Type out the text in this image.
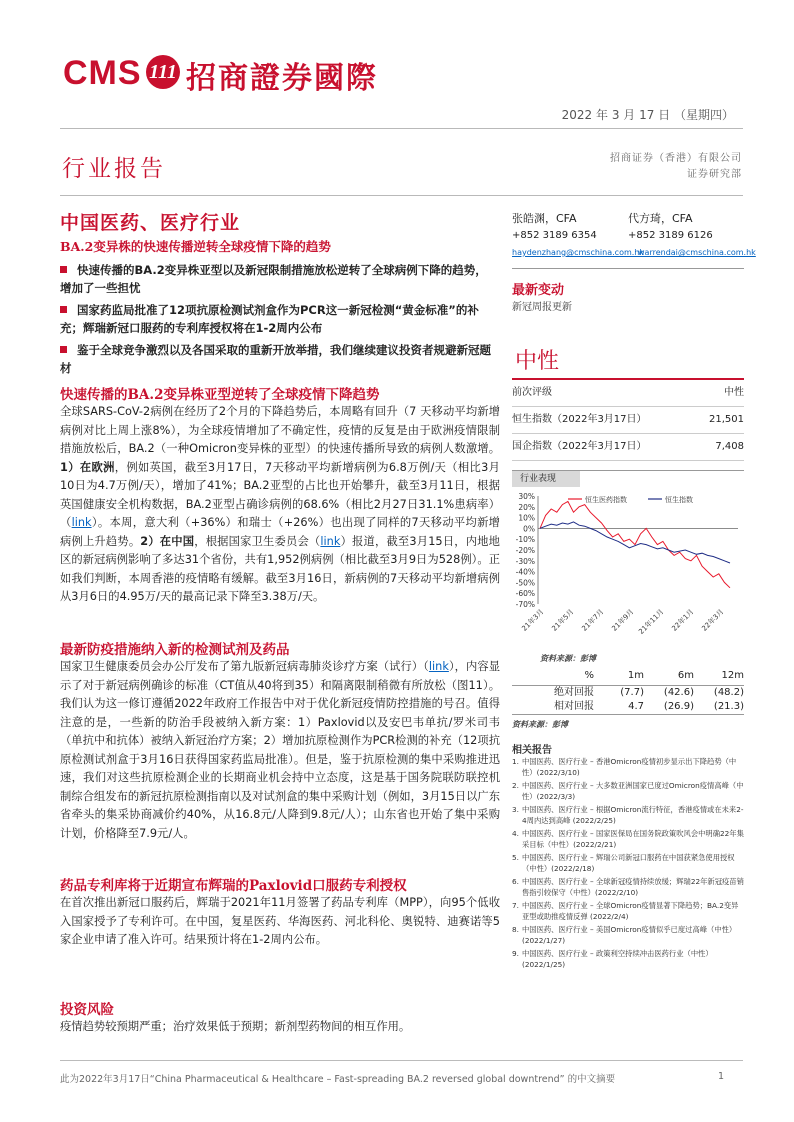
CMS 111 招商證券國際
2022 年 3 月 17 日 （星期四）
行业报告	招商证券（香港）有限公司
证券研究部
中国医药、医疗行业
BA.2变异株的快速传播逆转全球疫情下降的趋势
快速传播的BA.2变异株亚型以及新冠限制措施放松逆转了全球病例下降的趋势，增加了一些担忧
国家药监局批准了12项抗原检测试剂盒作为PCR这一新冠检测“黄金标准”的补充；辉瑞新冠口服药的专利库授权将在1-2周内公布
鉴于全球竞争激烈以及各国采取的重新开放举措，我们继续建议投资者规避新冠题材
快速传播的BA.2变异株亚型逆转了全球疫情下降趋势
全球SARS-CoV-2病例在经历了2个月的下降趋势后，本周略有回升（7 天移动平均新增病例对比上周上涨8%），为全球疫情增加了不确定性，疫情的反复是由于欧洲疫情限制措施放松后，BA.2（一种Omicron变异株的亚型）的快速传播所导致的病例人数激增。1）在欧洲，例如英国，截至3月17日，7天移动平均新增病例为6.8万例/天（相比3月10日为4.7万例/天），增加了41%；BA.2亚型的占比也开始攀升，截至3月11日，根据英国健康安全机构数据，BA.2亚型占确诊病例的68.6%（相比2月27日31.1%患病率）（link）。本周，意大利（+36%）和瑞士（+26%）也出现了同样的7天移动平均新增病例上升趋势。2）在中国，根据国家卫生委员会（link）报道，截至3月15日，内地地区的新冠病例影响了多达31个省份，共有1,952例病例（相比截至3月9日为528例）。正如我们判断，本周香港的疫情略有缓解。截至3月16日，新病例的7天移动平均新增病例从3月6日的4.95万/天的最高记录下降至3.38万/天。
最新防疫措施纳入新的检测试剂及药品
国家卫生健康委员会办公厅发布了第九版新冠病毒肺炎诊疗方案（试行）（link），内容显示了对于新冠病例确诊的标准（CT值从40将到35）和隔离限制稍微有所放松（图11）。我们认为这一修订遵循2022年政府工作报告中对于优化新冠疫情防控措施的号召。值得注意的是，一些新的防治手段被纳入新方案：1）Paxlovid以及安巴韦单抗/罗米司韦（单抗中和抗体）被纳入新冠治疗方案；2）增加抗原检测作为PCR检测的补充（12项抗原检测试剂盒于3月16日获得国家药监局批准）。但是，鉴于抗原检测的集中采购推进迅速，我们对这些抗原检测企业的长期商业机会持中立态度，这是基于国务院联防联控机制综合组发布的新冠抗原检测指南以及对试剂盒的集中采购计划（例如，3月15日以广东省牵头的集采协商减价约40%，从16.8元/人降到9.8元/人）；山东省也开始了集中采购计划，价格降至7.9元/人。
药品专利库将于近期宣布辉瑞的Paxlovid口服药专利授权
在首次推出新冠口服药后，辉瑞于2021年11月签署了药品专利库（MPP），向95个低收入国家授予了专利许可。在中国，复星医药、华海医药、河北科伦、奥锐特、迪赛诺等5家企业申请了准入许可。结果预计将在1-2周内公布。
投资风险
疫情趋势较预期严重；治疗效果低于预期；新剂型药物间的相互作用。
张皓渊，CFA	代方琦，CFA
+852 3189 6354	+852 3189 6126
haydenzhang@cmschina.com.hk
warrendai@cmschina.com.hk
最新变动
新冠周报更新
中性
前次评级	中性
恒生指数（2022年3月17日）	21,501
国企指数（2022年3月17日）	7,408
行业表现
30%
20%
10%
0%
-10%
-20%
-30%
-40%
-50%
-60%
-70%
21年3月 21年5月 21年7月 21年9月 21年11月 22年1月 22年3月
恒生医药指数	恒生指数
资料来源：彭博
%	1m	6m	12m
绝对回报	(7.7)	(42.6)	(48.2)
相对回报	4.7	(26.9)	(21.3)
资料来源：彭博
相关报告
1. 中国医药、医疗行业 – 香港Omicron疫情初步显示出下降趋势（中性）(2022/3/10)
2. 中国医药、医疗行业 – 大多数亚洲国家已度过Omicron疫情高峰（中性）(2022/3/3)
3. 中国医药、医疗行业 – 根据Omicron流行特征，香港疫情或在未来2-4周内达到高峰 (2022/2/25)
4. 中国医药、医疗行业 – 国家医保局在国务院政策吹风会中明确22年集采目标（中性）(2022/2/21)
5. 中国医药、医疗行业 – 辉瑞公司新冠口服药在中国获紧急使用授权（中性）(2022/2/18)
6. 中国医药、医疗行业 – 全球新冠疫情持续放缓；辉瑞22年新冠疫苗销售指引较保守（中性）(2022/2/10)
7. 中国医药、医疗行业 – 全球Omicron疫情显著下降趋势；BA.2变异亚型或助推疫情反弹 (2022/2/4)
8. 中国医药、医疗行业 – 美国Omicron疫情似乎已度过高峰（中性）(2022/1/27)
9. 中国医药、医疗行业 – 政策利空持续冲击医药行业（中性）(2022/1/25)
此为2022年3月17日“China Pharmaceutical & Healthcare – Fast-spreading BA.2 reversed global downtrend” 的中文摘要	1
